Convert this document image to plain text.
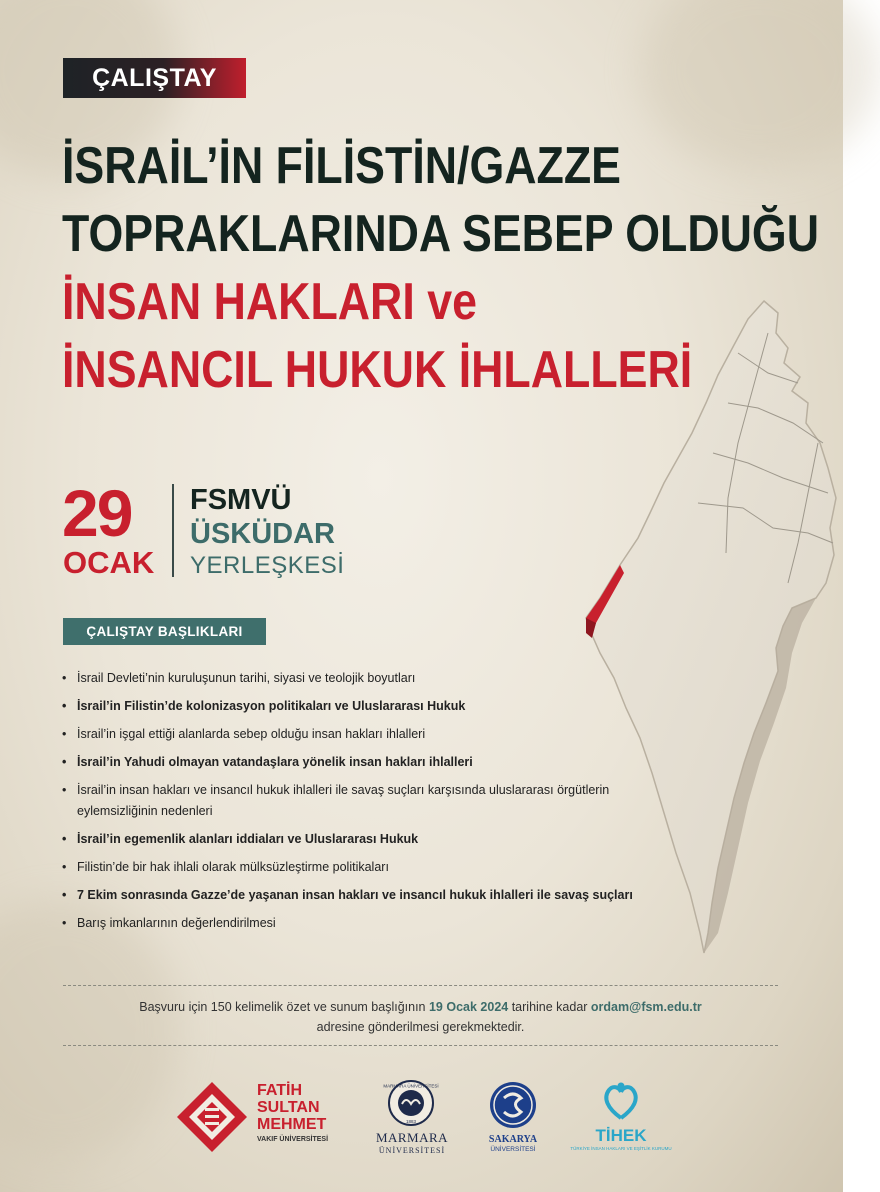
ÇALIŞTAY
İSRAİL’İN FİLİSTİN/GAZZE
TOPRAKLARINDA SEBEP OLDUĞU
İNSAN HAKLARI ve
İNSANCIL HUKUK İHLALLERİ
29
OCAK
FSMVÜ
ÜSKÜDAR
YERLEŞKESİ
ÇALIŞTAY BAŞLIKLARI
• İsrail Devleti’nin kuruluşunun tarihi, siyasi ve teolojik boyutları
• İsrail’in Filistin’de kolonizasyon politikaları ve Uluslararası Hukuk
• İsrail’in işgal ettiği alanlarda sebep olduğu insan hakları ihlalleri
• İsrail’in Yahudi olmayan vatandaşlara yönelik insan hakları ihlalleri
• İsrail’in insan hakları ve insancıl hukuk ihlalleri ile savaş suçları karşısında uluslararası örgütlerin eylemsizliğinin nedenleri
• İsrail’in egemenlik alanları iddiaları ve Uluslararası Hukuk
• Filistin’de bir hak ihlali olarak mülksüzleştirme politikaları
• 7 Ekim sonrasında Gazze’de yaşanan insan hakları ve insancıl hukuk ihlalleri ile savaş suçları
• Barış imkanlarının değerlendirilmesi
Başvuru için 150 kelimelik özet ve sunum başlığının 19 Ocak 2024 tarihine kadar ordam@fsm.edu.tr
adresine gönderilmesi gerekmektedir.
FATİH
SULTAN
MEHMET
VAKIF ÜNİVERSİTESİ
MARMARA ÜNİVERSİTESİ
1883
MARMARA
ÜNİVERSİTESİ
SAKARYA
ÜNİVERSİTESİ
TİHEK
TÜRKİYE İNSAN HAKLARI VE EŞİTLİK KURUMU
